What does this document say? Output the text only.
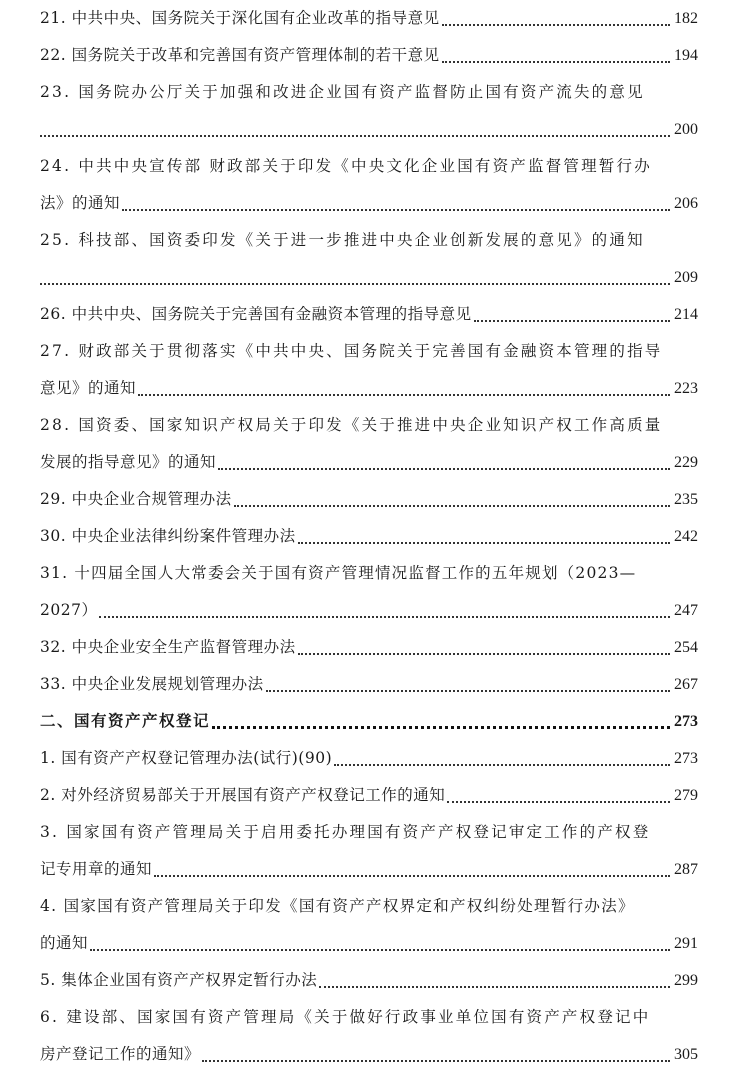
21. 中共中央、国务院关于深化国有企业改革的指导意见	182
22. 国务院关于改革和完善国有资产管理体制的若干意见	194
23. 国务院办公厅关于加强和改进企业国有资产监督防止国有资产流失的意见
200
24. 中共中央宣传部 财政部关于印发《中央文化企业国有资产监督管理暂行办
法》的通知	206
25. 科技部、国资委印发《关于进一步推进中央企业创新发展的意见》的通知
209
26. 中共中央、国务院关于完善国有金融资本管理的指导意见	214
27. 财政部关于贯彻落实《中共中央、国务院关于完善国有金融资本管理的指导
意见》的通知	223
28. 国资委、国家知识产权局关于印发《关于推进中央企业知识产权工作高质量
发展的指导意见》的通知	229
29. 中央企业合规管理办法	235
30. 中央企业法律纠纷案件管理办法	242
31. 十四届全国人大常委会关于国有资产管理情况监督工作的五年规划（2023—
2027）	247
32. 中央企业安全生产监督管理办法	254
33. 中央企业发展规划管理办法	267
二、国有资产产权登记	273
1. 国有资产产权登记管理办法(试行)(90)	273
2. 对外经济贸易部关于开展国有资产产权登记工作的通知	279
3. 国家国有资产管理局关于启用委托办理国有资产产权登记审定工作的产权登
记专用章的通知	287
4. 国家国有资产管理局关于印发《国有资产产权界定和产权纠纷处理暂行办法》
的通知	291
5. 集体企业国有资产产权界定暂行办法	299
6. 建设部、国家国有资产管理局《关于做好行政事业单位国有资产产权登记中
房产登记工作的通知》	305
